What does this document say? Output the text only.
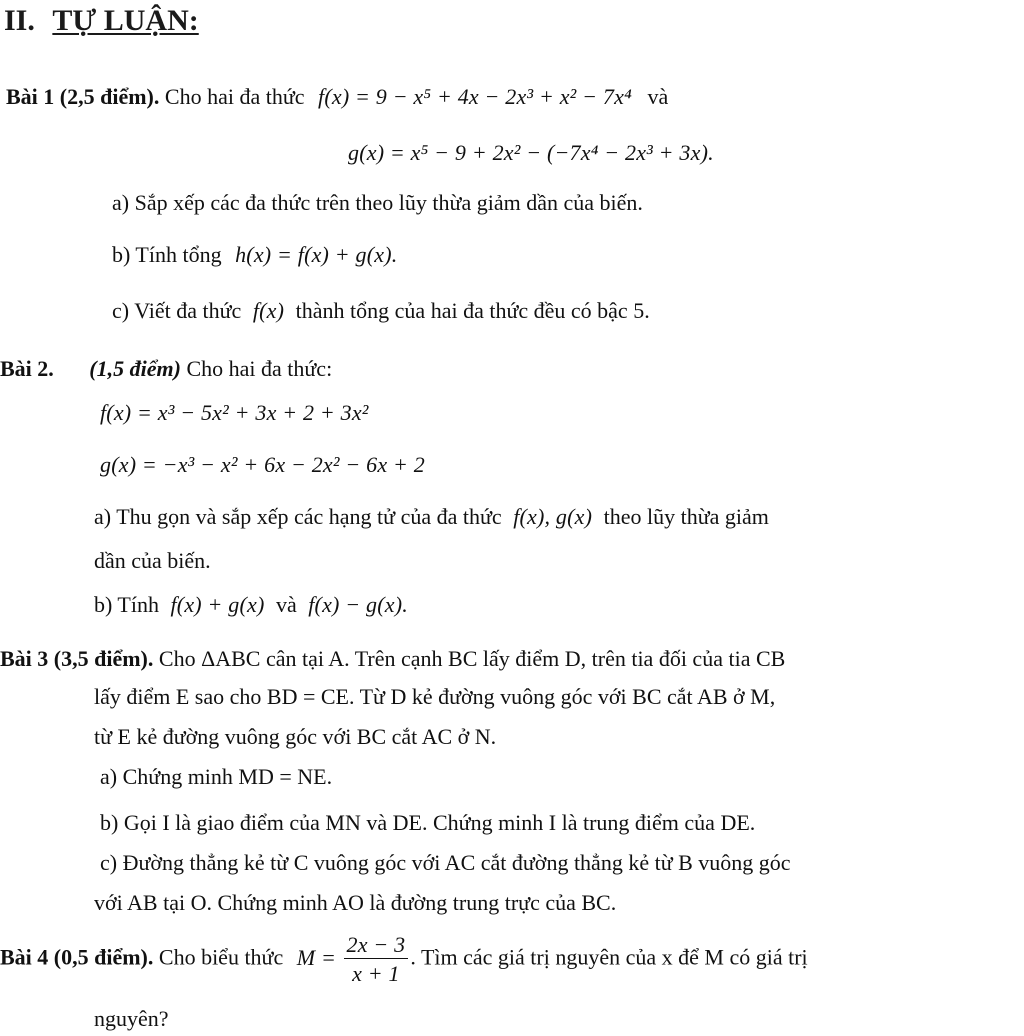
II. TỰ LUẬN:
Bài 1 (2,5 điểm). Cho hai đa thức f(x) = 9 − x⁵ + 4x − 2x³ + x² − 7x⁴ và
g(x) = x⁵ − 9 + 2x² − (−7x⁴ − 2x³ + 3x).
a) Sắp xếp các đa thức trên theo lũy thừa giảm dần của biến.
b) Tính tổng h(x) = f(x) + g(x).
c) Viết đa thức f(x) thành tổng của hai đa thức đều có bậc 5.
Bài 2. (1,5 điểm) Cho hai đa thức:
f(x) = x³ − 5x² + 3x + 2 + 3x²
g(x) = −x³ − x² + 6x − 2x² − 6x + 2
a) Thu gọn và sắp xếp các hạng tử của đa thức f(x), g(x) theo lũy thừa giảm
dần của biến.
b) Tính f(x) + g(x) và f(x) − g(x).
Bài 3 (3,5 điểm). Cho ΔABC cân tại A. Trên cạnh BC lấy điểm D, trên tia đối của tia CB
lấy điểm E sao cho BD = CE. Từ D kẻ đường vuông góc với BC cắt AB ở M,
từ E kẻ đường vuông góc với BC cắt AC ở N.
a) Chứng minh MD = NE.
b) Gọi I là giao điểm của MN và DE. Chứng minh I là trung điểm của DE.
c) Đường thẳng kẻ từ C vuông góc với AC cắt đường thẳng kẻ từ B vuông góc
với AB tại O. Chứng minh AO là đường trung trực của BC.
Bài 4 (0,5 điểm). Cho biểu thức $M = \frac{2x - 3}{x + 1}$ . Tìm các giá trị nguyên của x để M có giá trị
nguyên?
